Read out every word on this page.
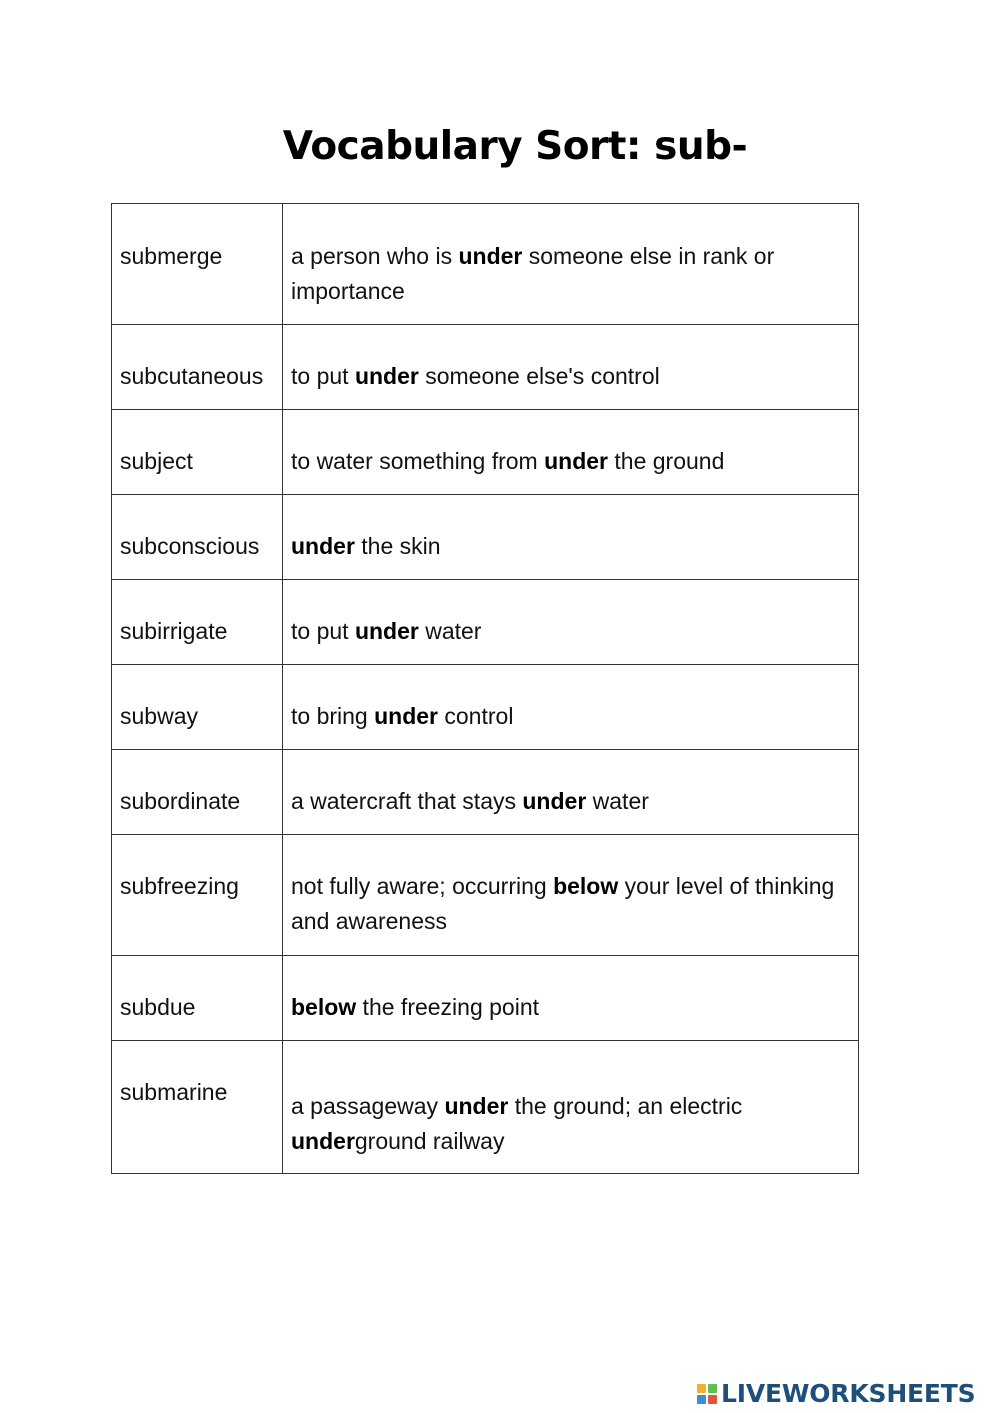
Vocabulary Sort: sub-
submerge	a person who is under someone else in rank or importance
subcutaneous	to put under someone else's control
subject	to water something from under the ground
subconscious	under the skin
subirrigate	to put under water
subway	to bring under control
subordinate	a watercraft that stays under water
subfreezing	not fully aware; occurring below your level of thinking and awareness
subdue	below the freezing point
submarine	a passageway under the ground; an electric underground railway
LIVEWORKSHEETS
